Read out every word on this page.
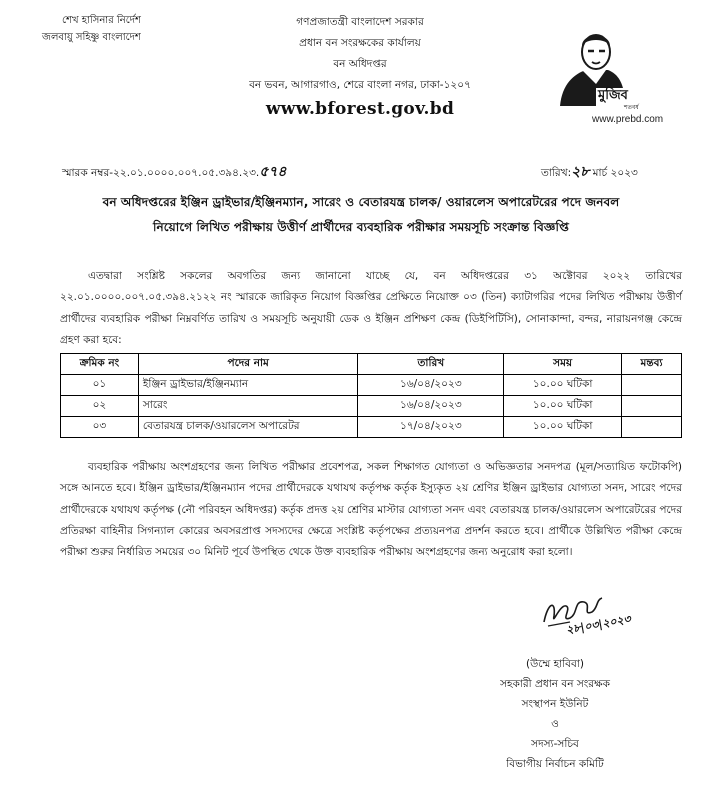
শেখ হাসিনার নির্দেশ
জলবায়ু সহিষ্ণু বাংলাদেশ
গণপ্রজাতন্ত্রী বাংলাদেশ সরকার
প্রধান বন সংরক্ষকের কার্যালয়
বন অধিদপ্তর
বন ভবন, আগারগাও, শেরে বাংলা নগর, ঢাকা-১২০৭
www.bforest.gov.bd
মুজিব
শতবর্ষ
www.prebd.com
স্মারক নম্বর-২২.০১.০০০০.০০৭.০৫.৩৯৪.২৩.৫৭৪	তারিখ:২৮ মার্চ ২০২৩
বন অধিদপ্তরের ইঞ্জিন ড্রাইভার/ইঞ্জিনম্যান, সারেং ও বেতারযন্ত্র চালক/ ওয়ারলেস অপারেটরের পদে জনবল
নিয়োগে লিখিত পরীক্ষায় উত্তীর্ণ প্রার্থীদের ব্যবহারিক পরীক্ষার সময়সূচি সংক্রান্ত বিজ্ঞপ্তি
এতদ্বারা সংশ্লিষ্ট সকলের অবগতির জন্য জানানো যাচ্ছে যে, বন অধিদপ্তরের ৩১ অক্টোবর ২০২২ তারিখের ২২.০১.০০০০.০০৭.০৫.৩৯৪.২১২২ নং স্মারকে জারিকৃত নিয়োগ বিজ্ঞপ্তির প্রেক্ষিতে নিয়োক্ত ০৩ (তিন) ক্যাটাগরির পদের লিখিত পরীক্ষায় উত্তীর্ণ প্রার্থীদের ব্যবহারিক পরীক্ষা নিম্নবর্ণিত তারিখ ও সময়সূচি অনুযায়ী ডেক ও ইঞ্জিন প্রশিক্ষণ কেন্দ্র (ডিইপিটিসি), সোনাকান্দা, বন্দর, নারায়নগঞ্জ কেন্দ্রে গ্রহণ করা হবে:
ক্রমিক নং	পদের নাম	তারিখ	সময়	মন্তব্য
০১	ইঞ্জিন ড্রাইভার/ইঞ্জিনম্যান	১৬/০৪/২০২৩	১০.০০ ঘটিকা	
০২	সারেং	১৬/০৪/২০২৩	১০.০০ ঘটিকা	
০৩	বেতারযন্ত্র চালক/ওয়ারলেস অপারেটর	১৭/০৪/২০২৩	১০.০০ ঘটিকা	
ব্যবহারিক পরীক্ষায় অংশগ্রহণের জন্য লিখিত পরীক্ষার প্রবেশপত্র, সকল শিক্ষাগত যোগ্যতা ও অভিজ্ঞতার সনদপত্র (মূল/সত্যায়িত ফটোকপি) সঙ্গে আনতে হবে। ইঞ্জিন ড্রাইভার/ইঞ্জিনম্যান পদের প্রার্থীদেরকে যথাযথ কর্তৃপক্ষ কর্তৃক ইস্যুকৃত ২য় শ্রেণির ইঞ্জিন ড্রাইভার যোগ্যতা সনদ, সারেং পদের প্রার্থীদেরকে যথাযথ কর্তৃপক্ষ (নৌ পরিবহন অধিদপ্তর) কর্তৃক প্রদত্ত ২য় শ্রেণির মাস্টার যোগ্যতা সনদ এবং বেতারযন্ত্র চালক/ওয়ারলেস অপারেটরের পদের প্রতিরক্ষা বাহিনীর সিগন্যাল কোরের অবসরপ্রাপ্ত সদস্যদের ক্ষেত্রে সংশ্লিষ্ট কর্তৃপক্ষের প্রত্যয়নপত্র প্রদর্শন করতে হবে। প্রার্থীকে উল্লিখিত পরীক্ষা কেন্দ্রে পরীক্ষা শুরুর নির্ধারিত সময়ের ৩০ মিনিট পূর্বে উপস্থিত থেকে উক্ত ব্যবহারিক পরীক্ষায় অংশগ্রহণের জন্য অনুরোধ করা হলো।
২৮|০৩|২০২৩
(উম্মে হাবিবা)
সহকারী প্রধান বন সংরক্ষক
সংস্থাপন ইউনিট
ও
সদস্য-সচিব
বিভাগীয় নির্বাচন কমিটি
